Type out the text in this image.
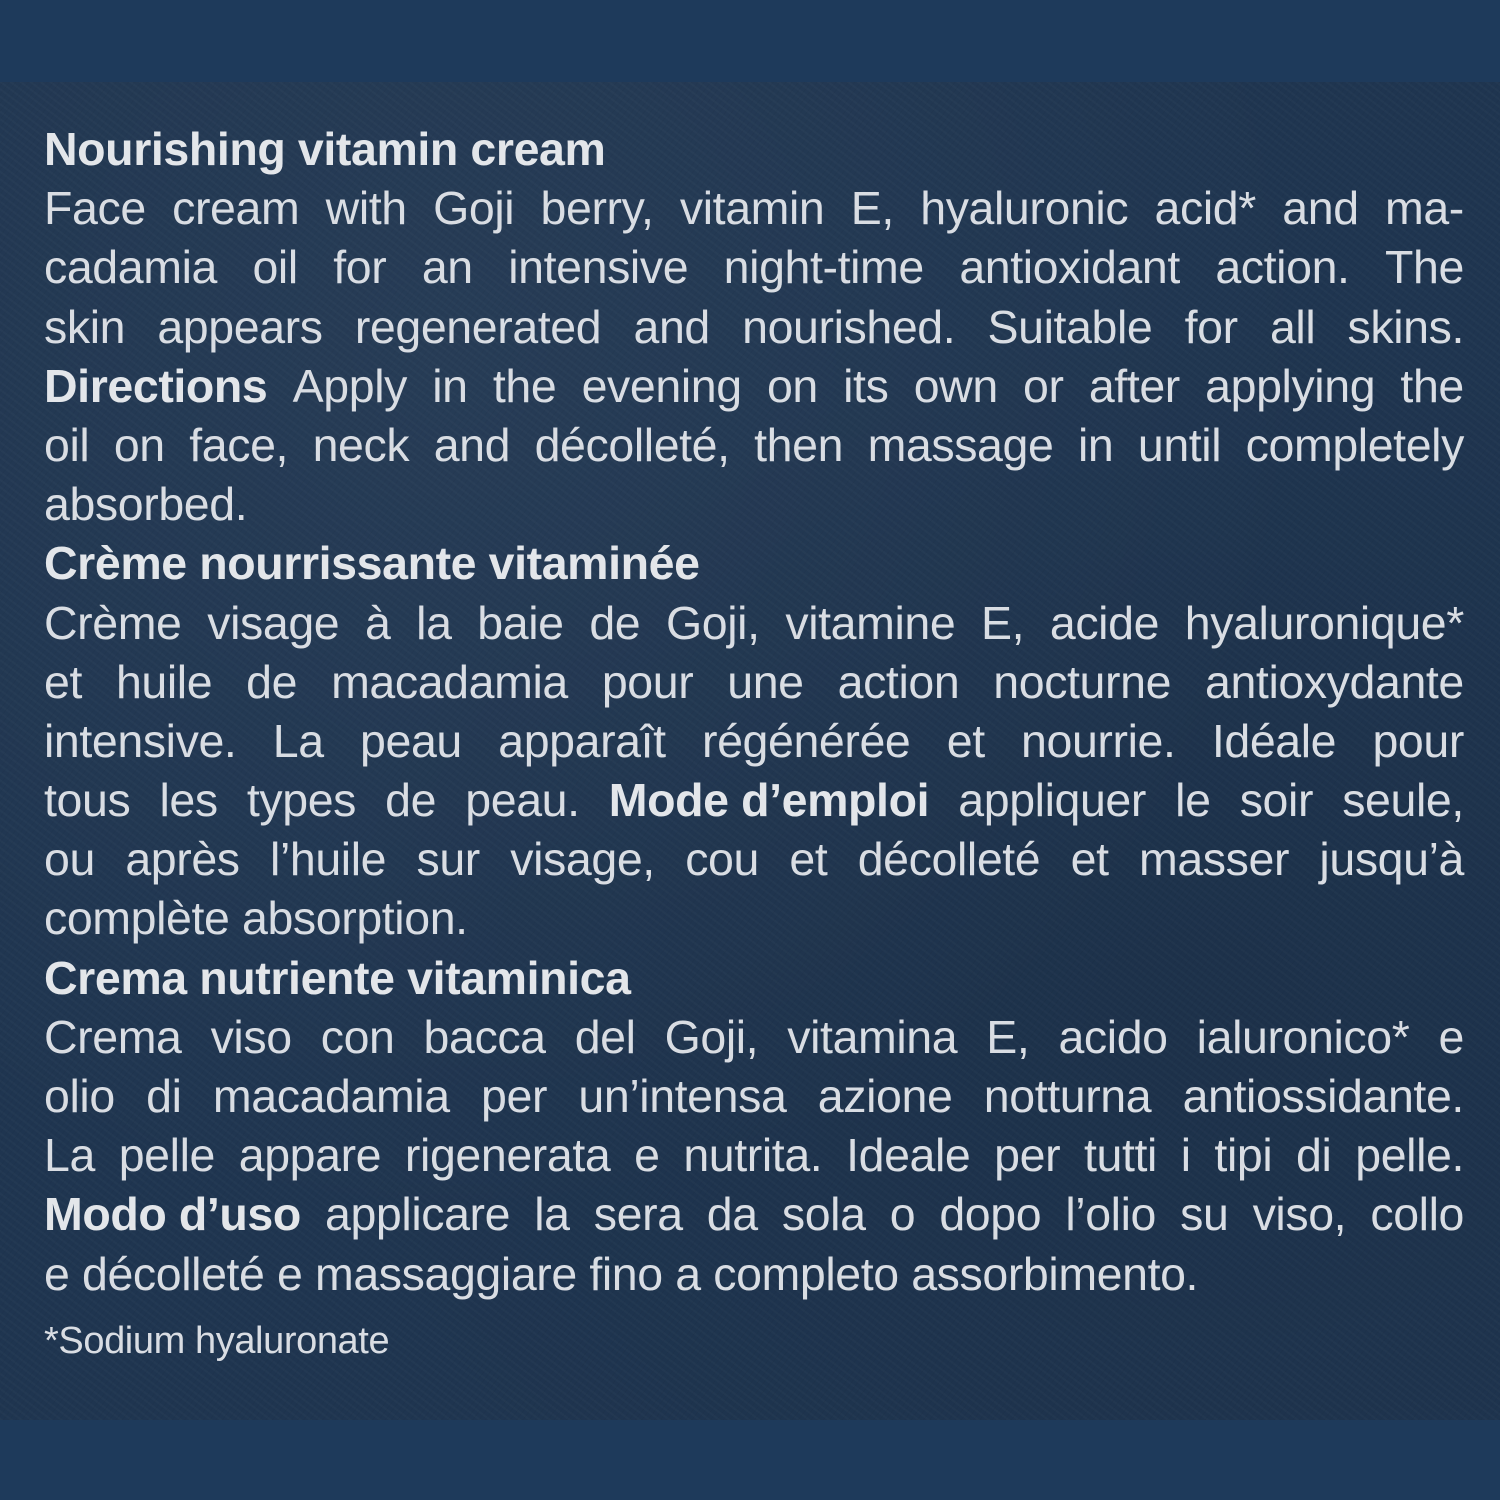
Nourishing vitamin cream
Face cream with Goji berry, vitamin E, hyaluronic acid* and ma-
cadamia oil for an intensive night-time antioxidant action. The
skin appears regenerated and nourished. Suitable for all skins.
Directions Apply in the evening on its own or after applying the
oil on face, neck and décolleté, then massage in until completely
absorbed.
Crème nourrissante vitaminée
Crème visage à la baie de Goji, vitamine E, acide hyaluronique*
et huile de macadamia pour une action nocturne antioxydante
intensive. La peau apparaît régénérée et nourrie. Idéale pour
tous les types de peau. Mode d’emploi appliquer le soir seule,
ou après l’huile sur visage, cou et décolleté et masser jusqu’à
complète absorption.
Crema nutriente vitaminica
Crema viso con bacca del Goji, vitamina E, acido ialuronico* e
olio di macadamia per un’intensa azione notturna antiossidante.
La pelle appare rigenerata e nutrita. Ideale per tutti i tipi di pelle.
Modo d’uso applicare la sera da sola o dopo l’olio su viso, collo
e décolleté e massaggiare fino a completo assorbimento.
*Sodium hyaluronate
